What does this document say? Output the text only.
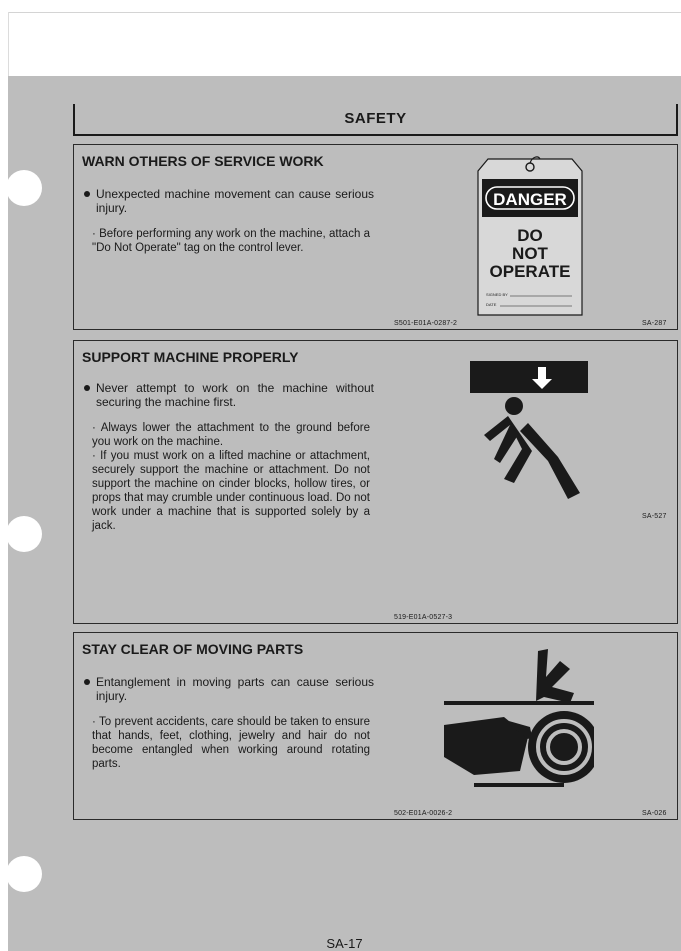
SAFETY
WARN OTHERS OF SERVICE WORK
Unexpected machine movement can cause serious injury.

· Before performing any work on the machine, attach a "Do Not Operate" tag on the control lever.

DANGER
DO
NOT
OPERATE
SIGNED BY
DATE
S501-E01A-0287-2	SA-287
SUPPORT MACHINE PROPERLY
Never attempt to work on the machine without securing the machine first.

· Always lower the attachment to the ground before you work on the machine.

· If you must work on a lifted machine or attachment, securely support the machine or attachment. Do not support the machine on cinder blocks, hollow tires, or props that may crumble under continuous load. Do not work under a machine that is supported solely by a jack.

519-E01A-0527-3
SA-527
STAY CLEAR OF MOVING PARTS
Entanglement in moving parts can cause serious injury.

· To prevent accidents, care should be taken to ensure that hands, feet, clothing, jewelry and hair do not become entangled when working around rotating parts.

502-E01A-0026-2	SA-026
SA-17
